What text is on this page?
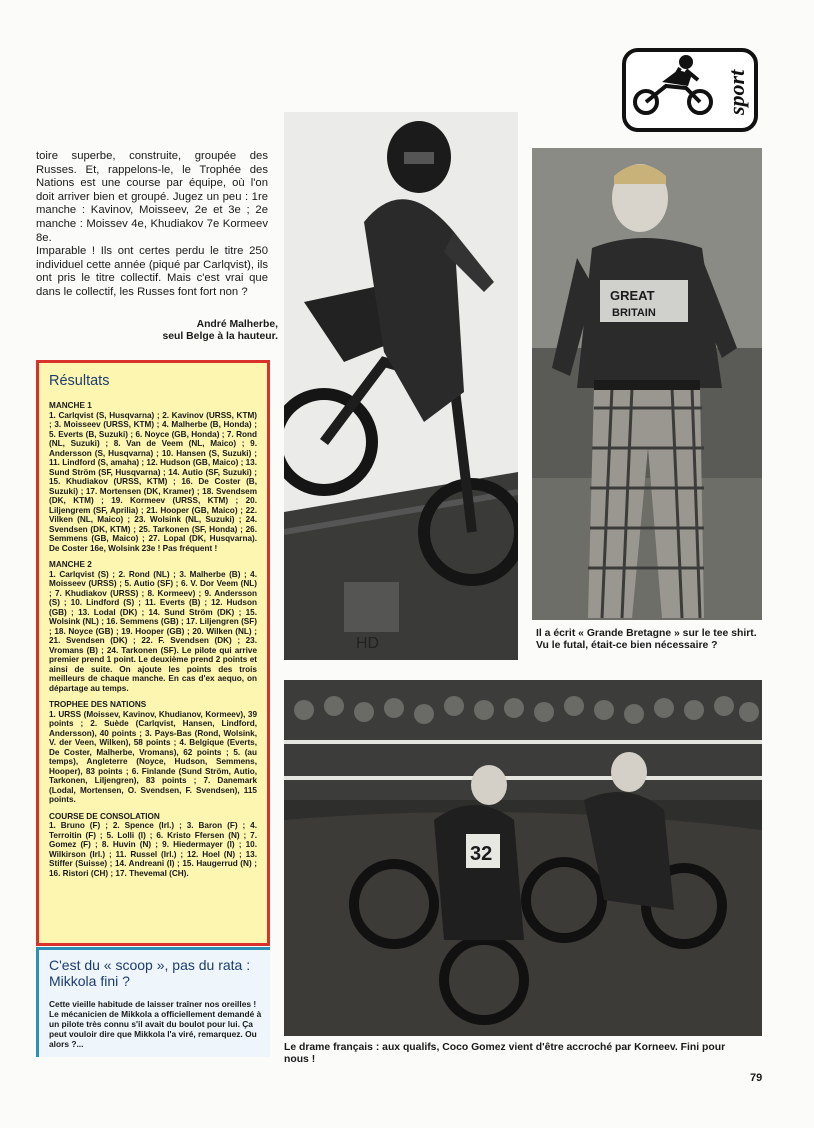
sport

toire superbe, construite, groupée des Russes. Et, rappelons-le, le Trophée des Nations est une course par équipe, où l'on doit arriver bien et groupé. Jugez un peu : 1re manche : Kavinov, Moisseev, 2e et 3e ; 2e manche : Moissev 4e, Khudiakov 7e Kormeev 8e.

Imparable ! Ils ont certes perdu le titre 250 individuel cette année (piqué par Carlqvist), ils ont pris le titre collectif. Mais c'est vrai que dans le collectif, les Russes font fort non ?

André Malherbe,
seul Belge à la hauteur.
Résultats
MANCHE 1
1. Carlqvist (S, Husqvarna) ; 2. Kavinov (URSS, KTM) ; 3. Moisseev (URSS, KTM) ; 4. Malherbe (B, Honda) ; 5. Everts (B, Suzuki) ; 6. Noyce (GB, Honda) ; 7. Rond (NL, Suzuki) ; 8. Van de Veem (NL, Maico) ; 9. Andersson (S, Husqvarna) ; 10. Hansen (S, Suzuki) ; 11. Lindford (S, amaha) ; 12. Hudson (GB, Maico) ; 13. Sund Ström (SF, Husqvarna) ; 14. Autio (SF, Suzuki) ; 15. Khudiakov (URSS, KTM) ; 16. De Coster (B, Suzuki) ; 17. Mortensen (DK, Kramer) ; 18. Svendsem (DK, KTM) ; 19. Kormeev (URSS, KTM) ; 20. Liljengrem (SF, Aprilia) ; 21. Hooper (GB, Maico) ; 22. Vilken (NL, Maico) ; 23. Wolsink (NL, Suzuki) ; 24. Svendsen (DK, KTM) ; 25. Tarkonen (SF, Honda) ; 26. Semmens (GB, Maico) ; 27. Lopal (DK, Husqvarna). De Coster 16e, Wolsink 23e ! Pas fréquent !
MANCHE 2
1. Carlqvist (S) ; 2. Rond (NL) ; 3. Malherbe (B) ; 4. Moisseev (URSS) ; 5. Autio (SF) ; 6. V. Dor Veem (NL) ; 7. Khudiakov (URSS) ; 8. Kormeev) ; 9. Andersson (S) ; 10. Lindford (S) ; 11. Everts (B) ; 12. Hudson (GB) ; 13. Lodal (DK) ; 14. Sund Ström (DK) ; 15. Wolsink (NL) ; 16. Semmens (GB) ; 17. Liljengren (SF) ; 18. Noyce (GB) ; 19. Hooper (GB) ; 20. Wilken (NL) ; 21. Svendsen (DK) ; 22. F. Svendsen (DK) ; 23. Vromans (B) ; 24. Tarkonen (SF). Le pilote qui arrive premier prend 1 point. Le deuxième prend 2 points et ainsi de suite. On ajoute les points des trois meilleurs de chaque manche. En cas d'ex aequo, on départage au temps.
TROPHEE DES NATIONS
1. URSS (Moissev, Kavinov, Khudianov, Kormeev), 39 points ; 2. Suède (Carlqvist, Hansen, Lindford, Andersson), 40 points ; 3. Pays-Bas (Rond, Wolsink, V. der Veen, Wilken), 58 points ; 4. Belgique (Everts, De Coster, Malherbe, Vromans), 62 points ; 5. (au temps), Angleterre (Noyce, Hudson, Semmens, Hooper), 83 points ; 6. Finlande (Sund Ström, Autio, Tarkonen, Liljengren), 83 points ; 7. Danemark (Lodal, Mortensen, O. Svendsen, F. Svendsen), 115 points.
COURSE DE CONSOLATION
1. Bruno (F) ; 2. Spence (Irl.) ; 3. Baron (F) ; 4. Terroitin (F) ; 5. Lolli (I) ; 6. Kristo Ffersen (N) ; 7. Gomez (F) ; 8. Huvin (N) ; 9. Hiedermayer (I) ; 10. Wilkirson (Irl.) ; 11. Russel (Irl.) ; 12. Hoel (N) ; 13. Stiffer (Suisse) ; 14. Andreani (I) ; 15. Haugerrud (N) ; 16. Ristori (CH) ; 17. Thevemal (CH).
C'est du « scoop », pas du rata : Mikkola fini ?
Cette vieille habitude de laisser traîner nos oreilles ! Le mécanicien de Mikkola a officiellement demandé à un pilote très connu s'il avait du boulot pour lui. Ça peut vouloir dire que Mikkola l'a viré, remarquez. Ou alors ?...
HD
GREAT
BRITAIN
Il a écrit « Grande Bretagne » sur le tee shirt. Vu le futal, était-ce bien nécessaire ?
32
Le drame français : aux qualifs, Coco Gomez vient d'être accroché par Korneev. Fini pour nous !
79
